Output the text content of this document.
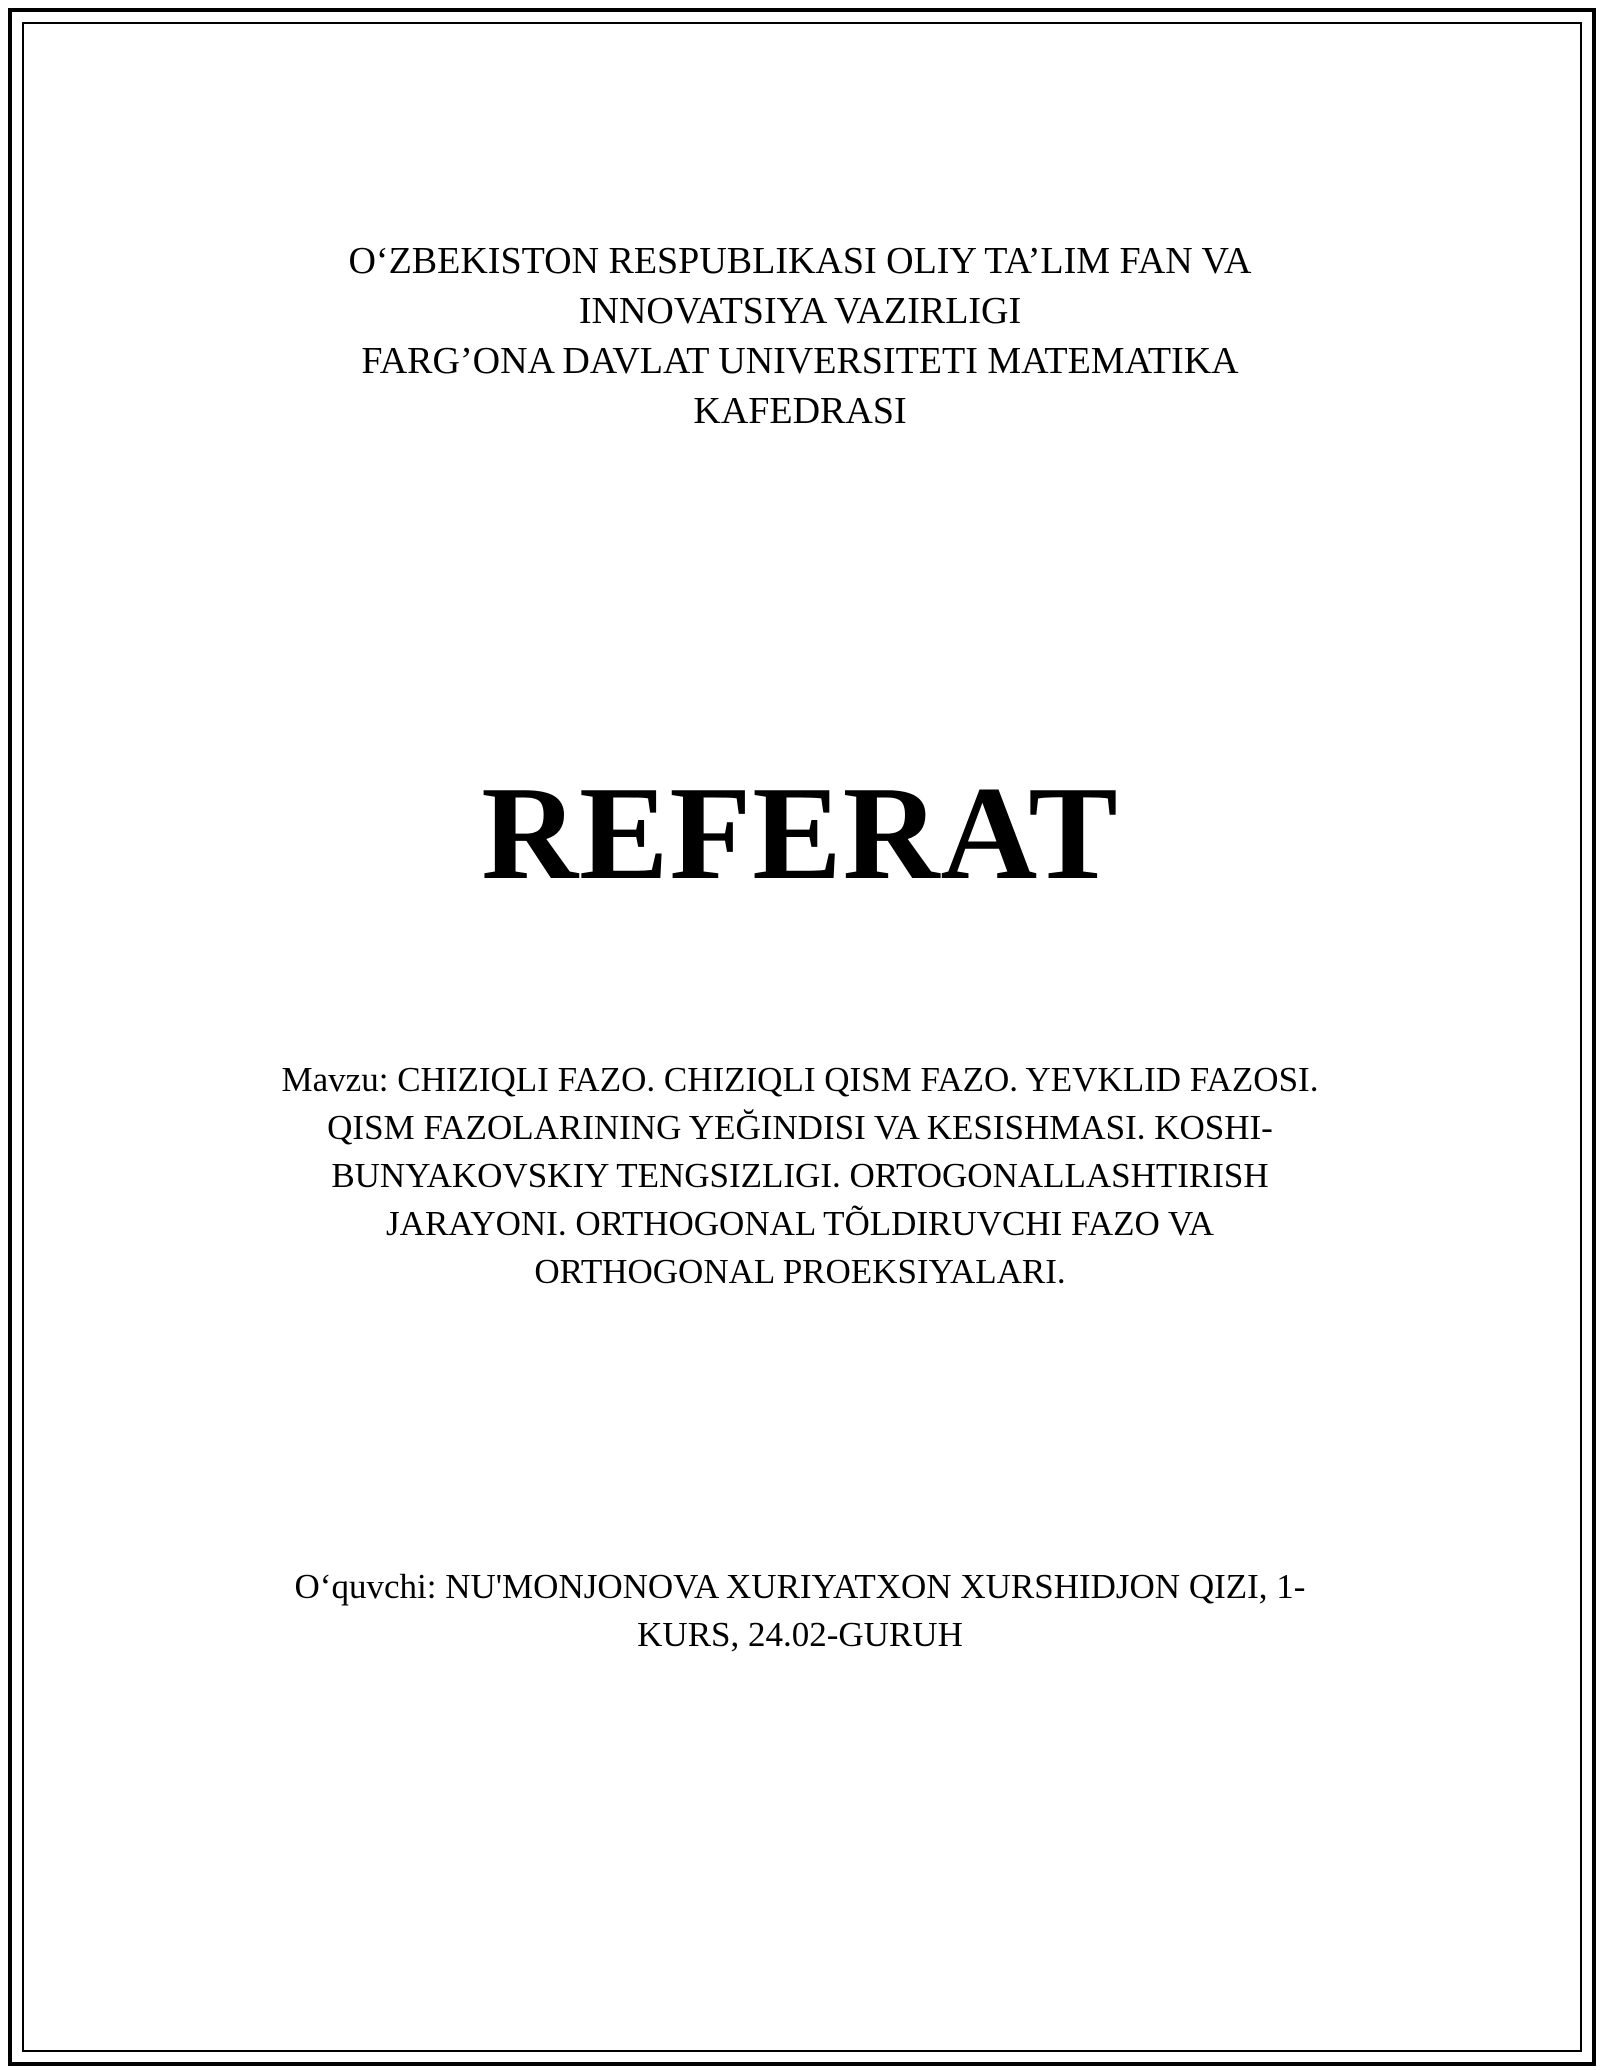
O‘ZBEKISTON RESPUBLIKASI OLIY TA’LIM FAN VA
INNOVATSIYA VAZIRLIGI
FARG’ONA DAVLAT UNIVERSITETI MATEMATIKA
KAFEDRASI
REFERAT
Mavzu: CHIZIQLI FAZO. CHIZIQLI QISM FAZO. YEVKLID FAZOSI.
QISM FAZOLARINING YEĞINDISI VA KESISHMASI. KOSHI-
BUNYAKOVSKIY TENGSIZLIGI. ORTOGONALLASHTIRISH
JARAYONI. ORTHOGONAL TÕLDIRUVCHI FAZO VA
ORTHOGONAL PROEKSIYALARI.
O‘quvchi: NU'MONJONOVA XURIYATXON XURSHIDJON QIZI, 1-
KURS, 24.02-GURUH
